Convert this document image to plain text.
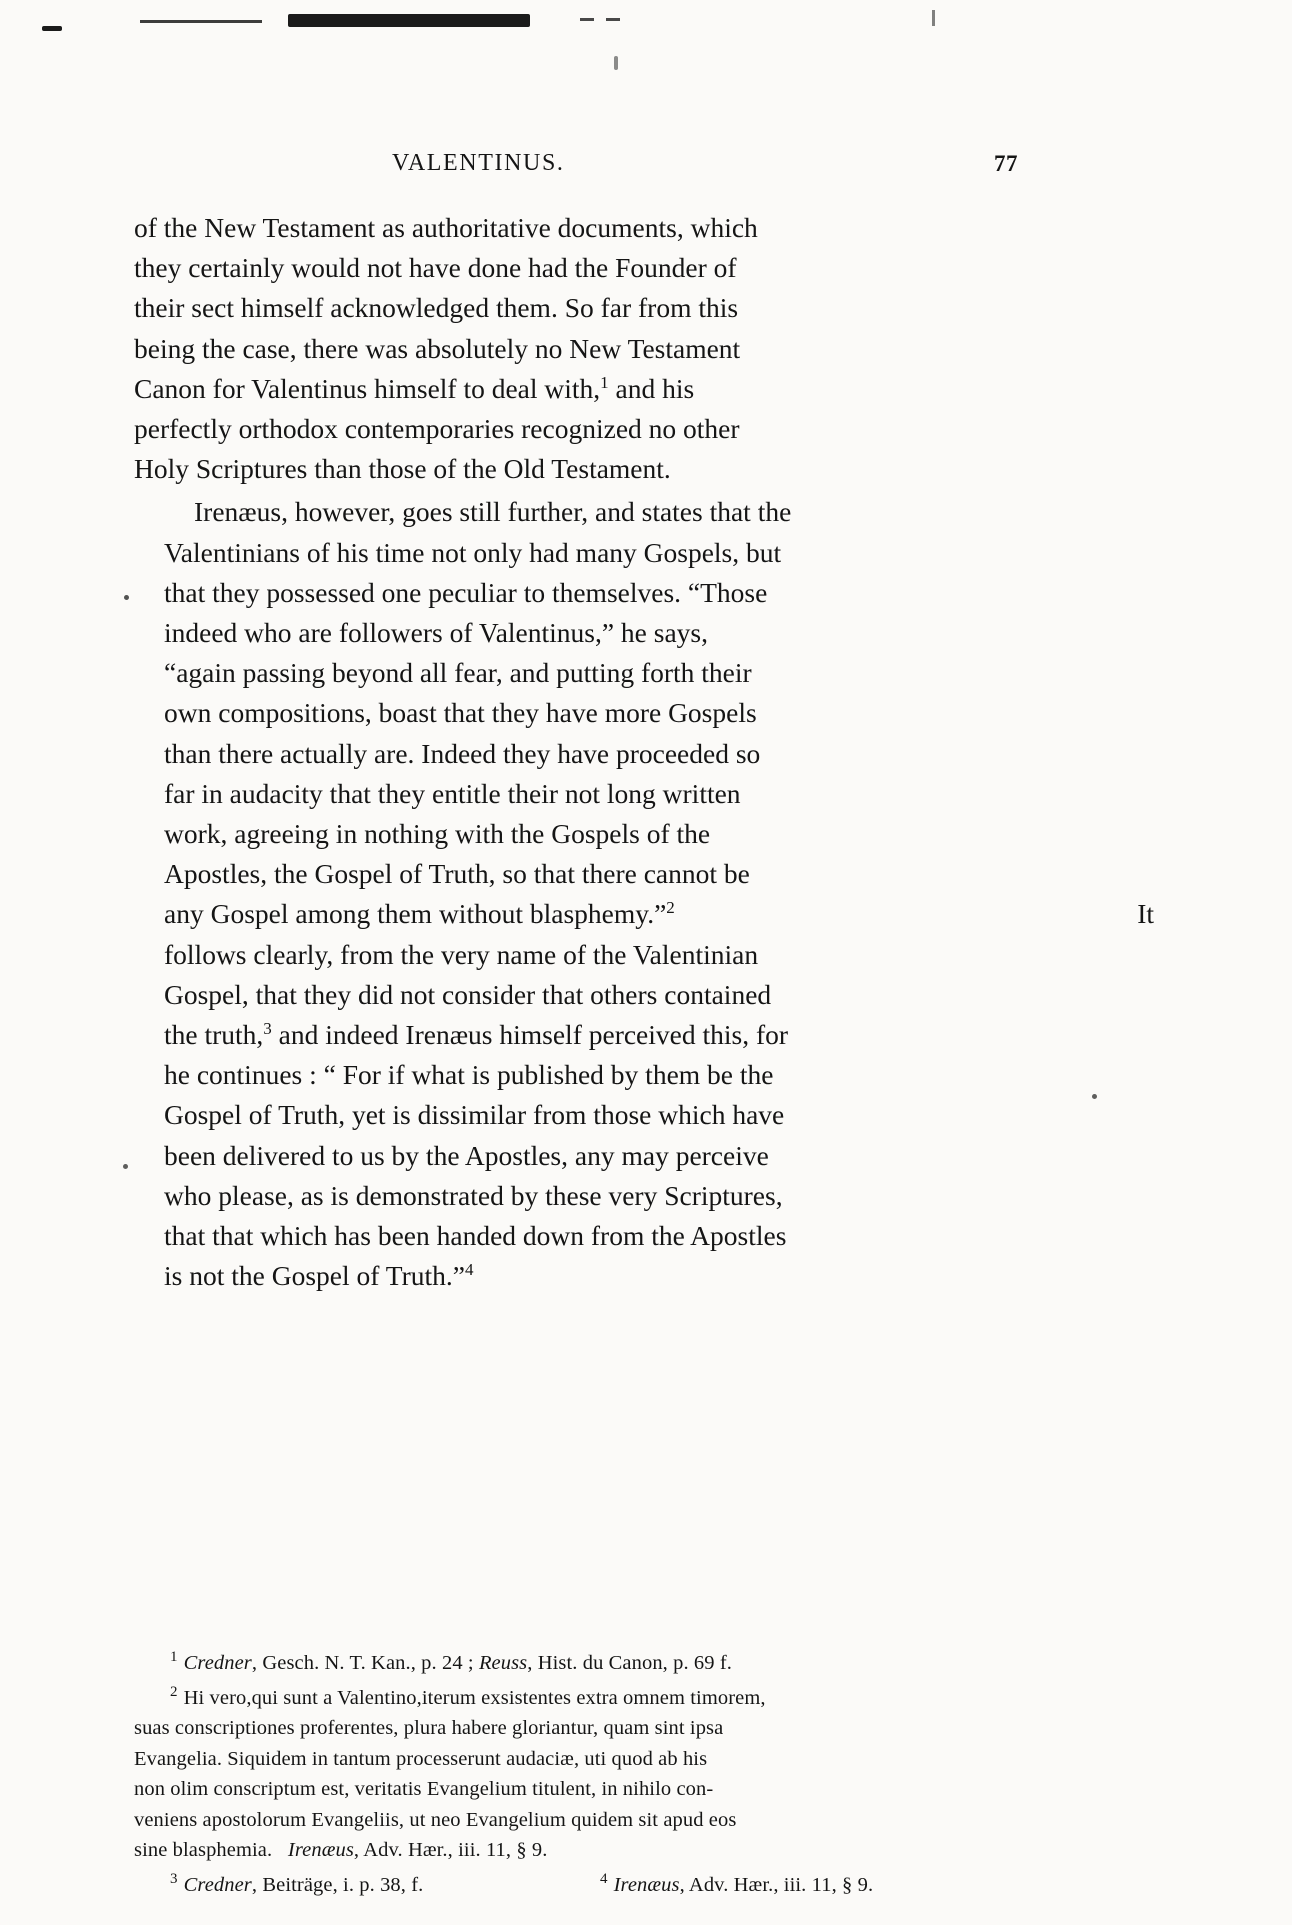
VALENTINUS.	77

of the New Testament as authoritative documents, which
they certainly would not have done had the Founder of
their sect himself acknowledged them. So far from this
being the case, there was absolutely no New Testament
Canon for Valentinus himself to deal with,$^1$ and his
perfectly orthodox contemporaries recognized no other
Holy Scriptures than those of the Old Testament.

Irenæus, however, goes still further, and states that the
Valentinians of his time not only had many Gospels, but
that they possessed one peculiar to themselves. “Those
indeed who are followers of Valentinus,” he says,
“again passing beyond all fear, and putting forth their
own compositions, boast that they have more Gospels
than there actually are. Indeed they have proceeded so
far in audacity that they entitle their not long written
work, agreeing in nothing with the Gospels of the
Apostles, the Gospel of Truth, so that there cannot be
any Gospel among them without blasphemy.”$^2$	It
follows clearly, from the very name of the Valentinian
Gospel, that they did not consider that others contained
the truth,$^3$ and indeed Irenæus himself perceived this, for
he continues : “ For if what is published by them be the
Gospel of Truth, yet is dissimilar from those which have
been delivered to us by the Apostles, any may perceive
who please, as is demonstrated by these very Scriptures,
that that which has been handed down from the Apostles
is not the Gospel of Truth.”$^4$

$^1$ Credner, Gesch. N. T. Kan., p. 24 ; Reuss, Hist. du Canon, p. 69 f.

$^2$ Hi vero,qui sunt a Valentino,iterum exsistentes extra omnem timorem,
suas conscriptiones proferentes, plura habere gloriantur, quam sint ipsa
Evangelia. Siquidem in tantum processerunt audaciæ, uti quod ab his
non olim conscriptum est, veritatis Evangelium titulent, in nihilo con-
veniens apostolorum Evangeliis, ut neo Evangelium quidem sit apud eos
sine blasphemia. Irenæus, Adv. Hær., iii. 11, § 9.

$^3$ Credner, Beiträge, i. p. 38, f.	$^4$ Irenæus, Adv. Hær., iii. 11, § 9.
